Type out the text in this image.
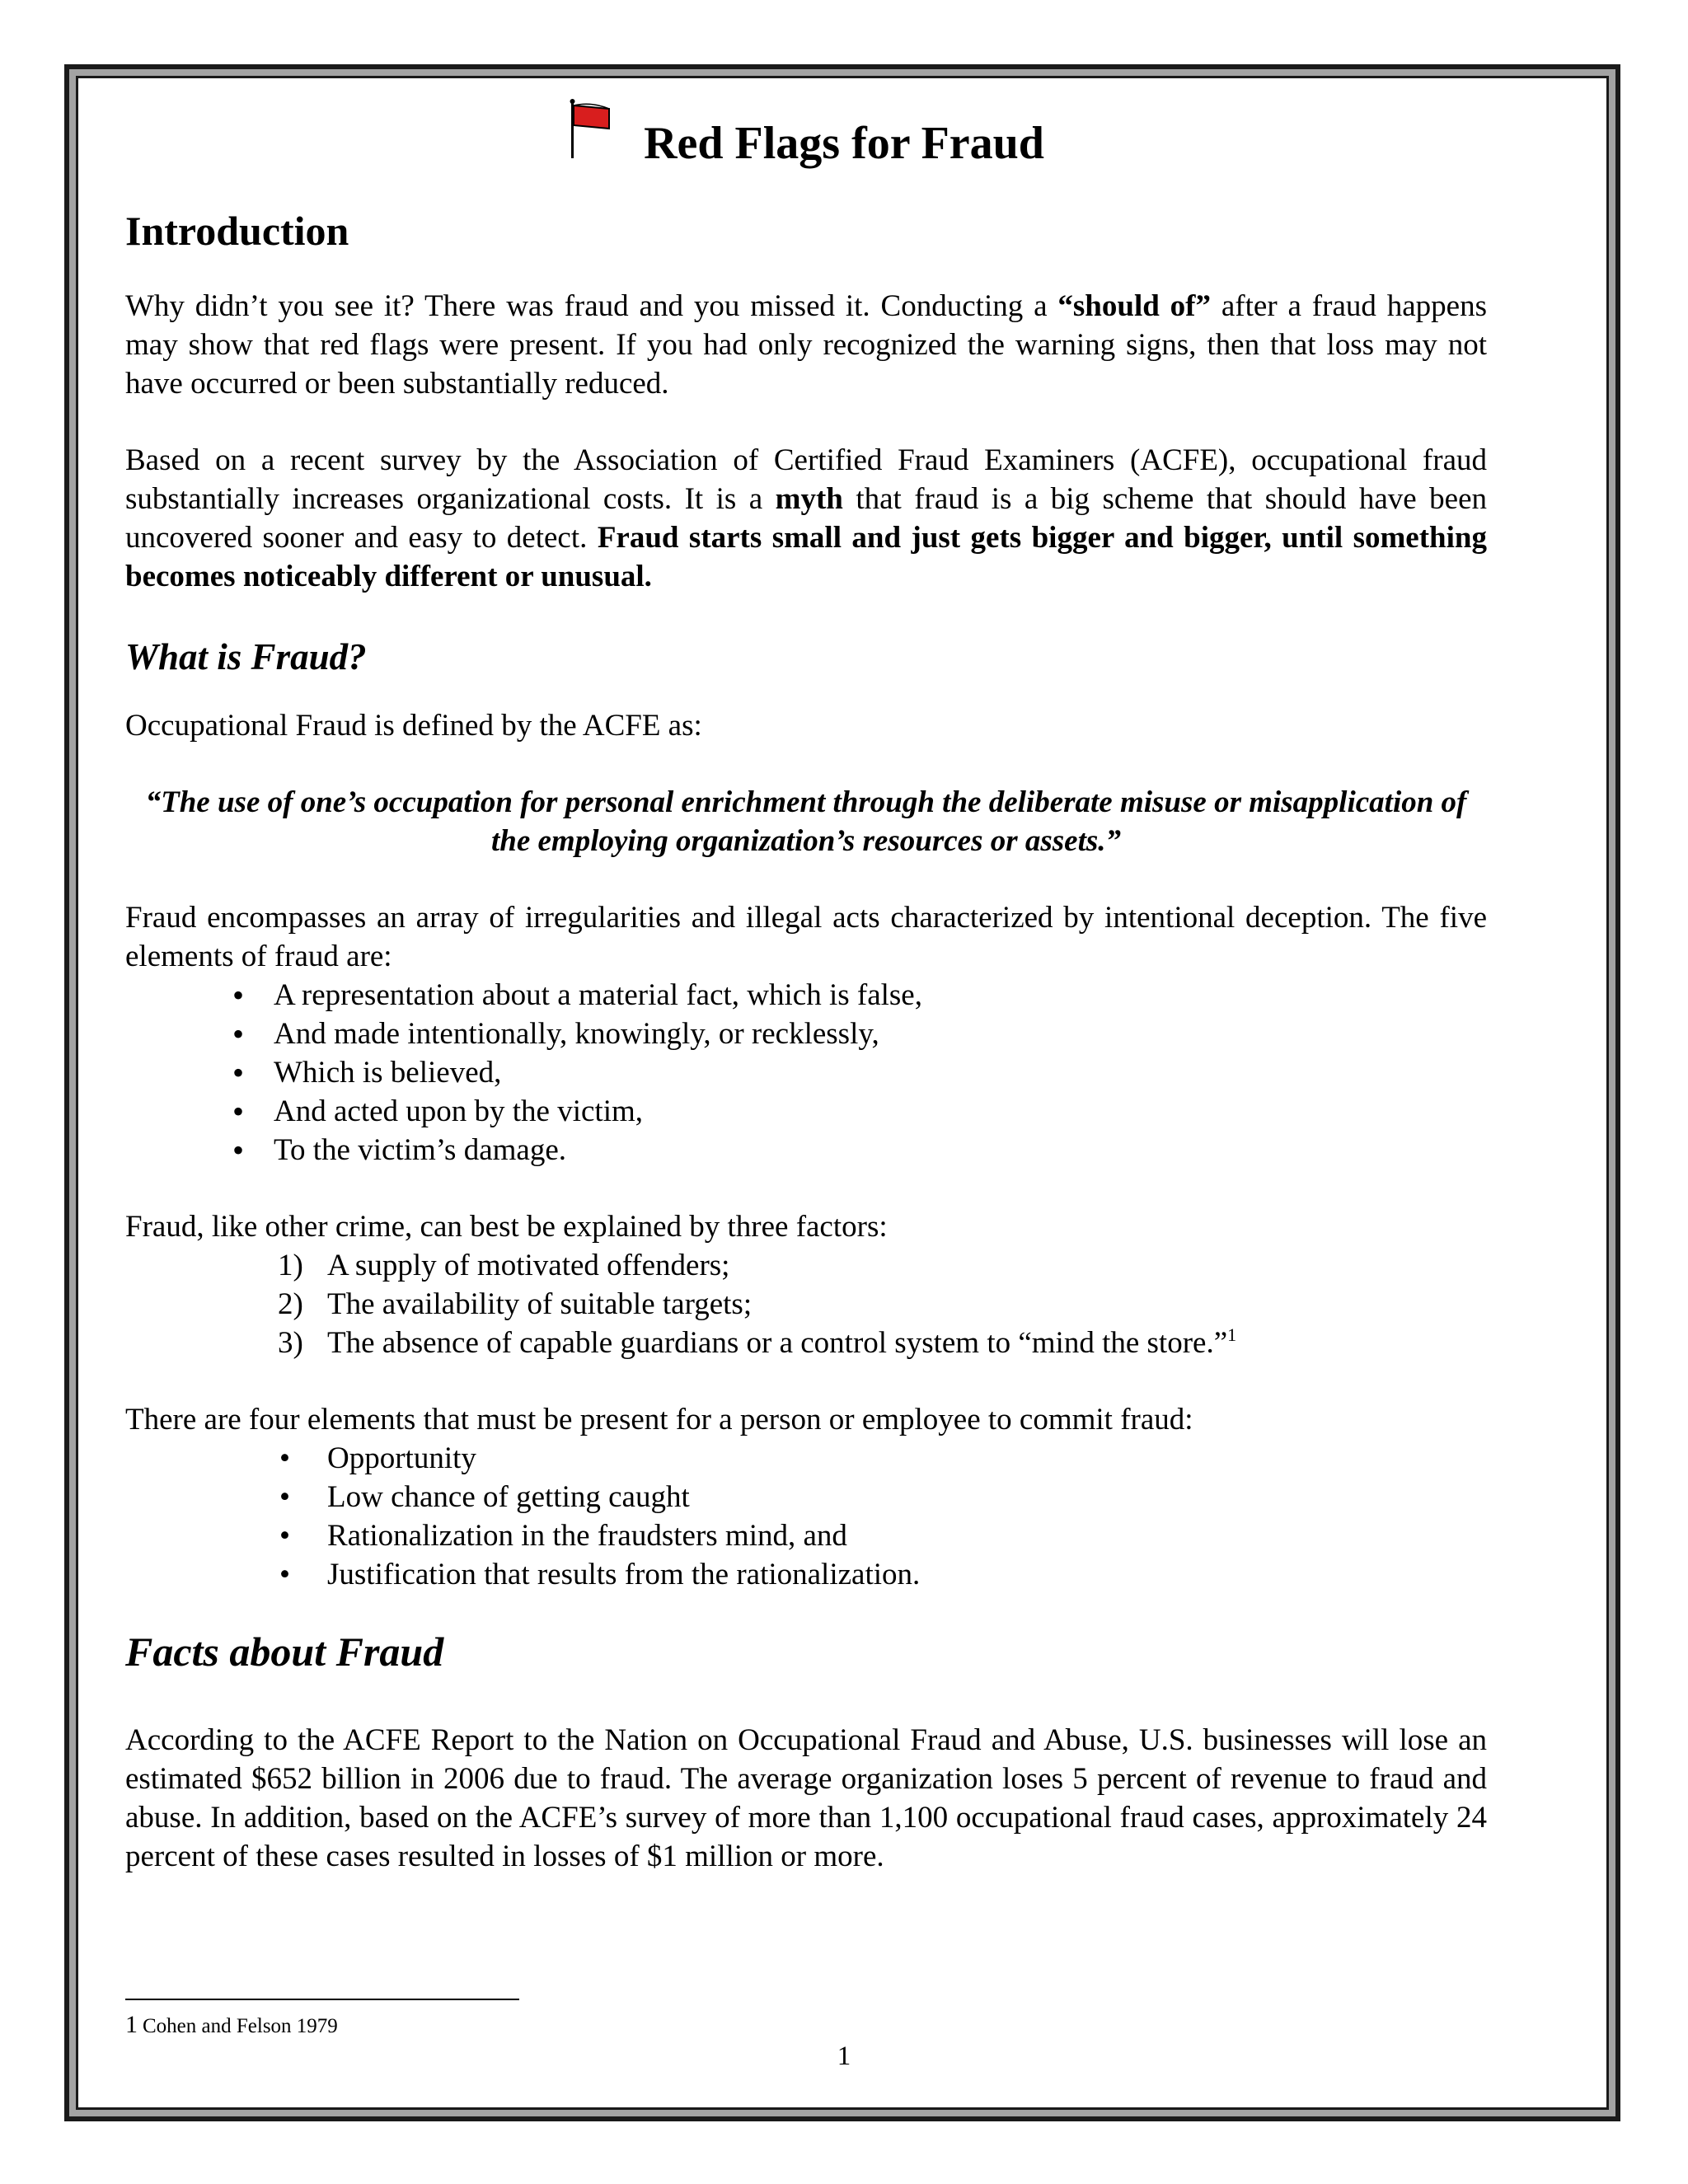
Red Flags for Fraud
Introduction

Why didn’t you see it? There was fraud and you missed it. Conducting a “should of” after a fraud happens may show that red flags were present. If you had only recognized the warning signs, then that loss may not have occurred or been substantially reduced.

Based on a recent survey by the Association of Certified Fraud Examiners (ACFE), occupational fraud substantially increases organizational costs. It is a myth that fraud is a big scheme that should have been uncovered sooner and easy to detect. Fraud starts small and just gets bigger and bigger, until something becomes noticeably different or unusual.

What is Fraud?

Occupational Fraud is defined by the ACFE as:

“The use of one’s occupation for personal enrichment through the deliberate misuse or misapplication of the employing organization’s resources or assets.”

Fraud encompasses an array of irregularities and illegal acts characterized by intentional deception. The five elements of fraud are:

• A representation about a material fact, which is false,
• And made intentionally, knowingly, or recklessly,
• Which is believed,
• And acted upon by the victim,
• To the victim’s damage.

Fraud, like other crime, can best be explained by three factors:

1) A supply of motivated offenders;
2) The availability of suitable targets;
3) The absence of capable guardians or a control system to “mind the store.”$^1$

There are four elements that must be present for a person or employee to commit fraud:

• Opportunity
• Low chance of getting caught
• Rationalization in the fraudsters mind, and
• Justification that results from the rationalization.
Facts about Fraud

According to the ACFE Report to the Nation on Occupational Fraud and Abuse, U.S. businesses will lose an estimated $652 billion in 2006 due to fraud. The average organization loses 5 percent of revenue to fraud and abuse. In addition, based on the ACFE’s survey of more than 1,100 occupational fraud cases, approximately 24 percent of these cases resulted in losses of $1 million or more.

1 Cohen and Felson 1979
1
